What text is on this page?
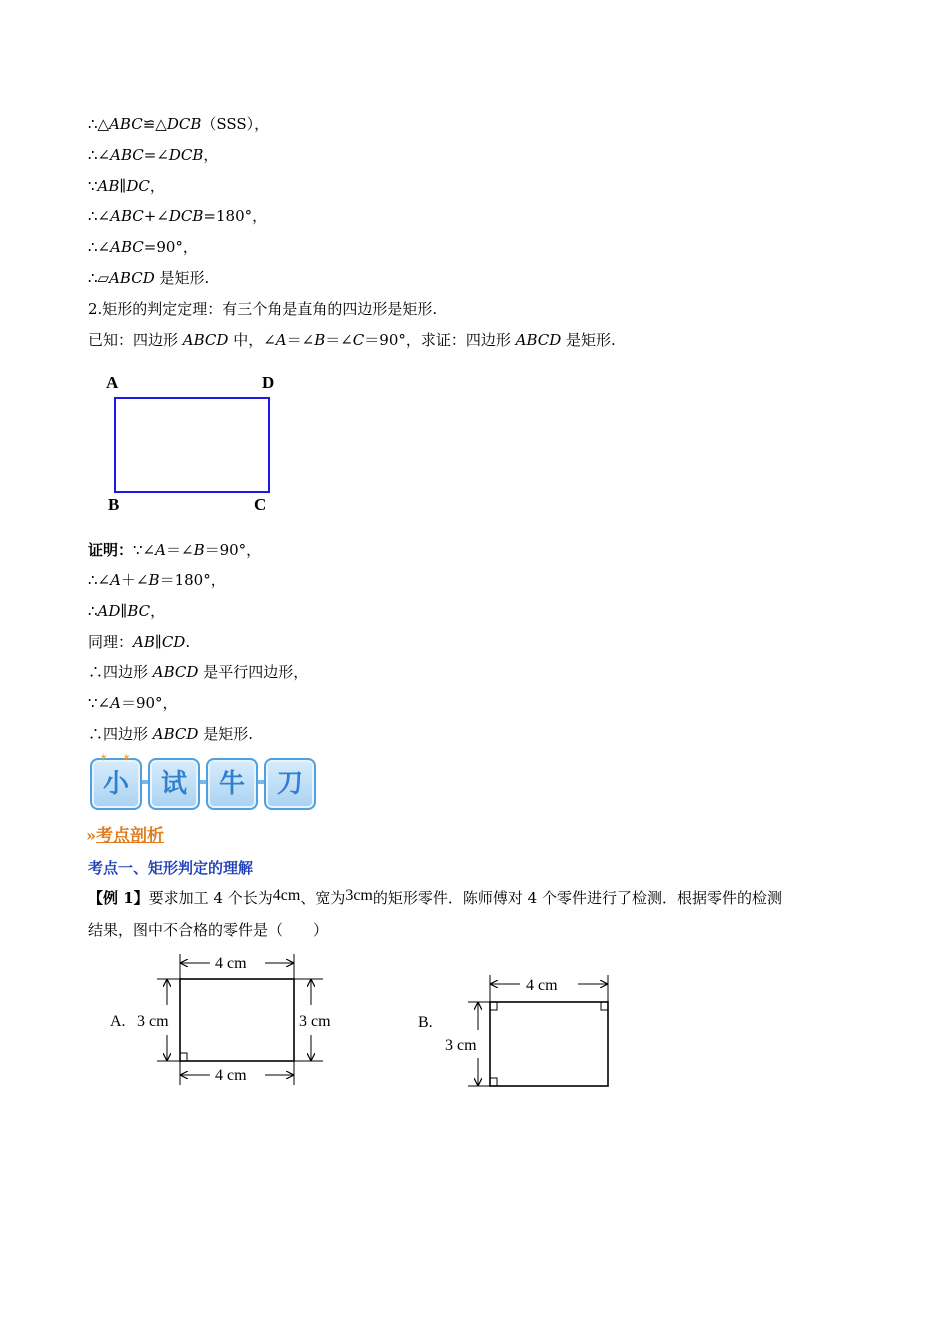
∴△ABC≌△DCB（SSS），
∴∠ABC=∠DCB，
∵AB∥DC，
∴∠ABC+∠DCB=180°，
∴∠ABC=90°，
∴▱ABCD 是矩形.
2.矩形的判定定理：有三个角是直角的四边形是矩形.
已知：四边形 ABCD 中，∠A＝∠B＝∠C＝90°，求证：四边形 ABCD 是矩形.
A	D
B	C
证明：∵∠A＝∠B＝90°，
∴∠A＋∠B＝180°，
∴AD∥BC，
同理：AB∥CD.
∴四边形 ABCD 是平行四边形，
∵∠A＝90°，
∴四边形 ABCD 是矩形.
小	试	牛	刀
✶ ✶
»考点剖析
考点一、矩形判定的理解
【例 1】要求加工 4 个长为4cm、宽为3cm的矩形零件．陈师傅对 4 个零件进行了检测．根据零件的检测
结果，图中不合格的零件是（　　）
A.
4 cm
4 cm
3 cm	3 cm	B.
4 cm
3 cm
